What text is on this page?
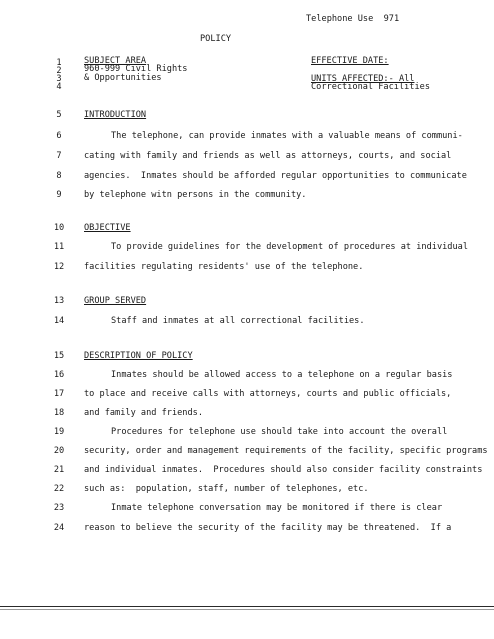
Telephone Use  971
POLICY
SUBJECT AREA
960-999 Civil Rights
& Opportunities
EFFECTIVE DATE:
UNITS AFFECTED:- All
Correctional Facilities
1
2
3
4
5
6
7
8
9
10
11
12
13
14
15
16
17
18
19
20
21
22
23
24
INTRODUCTION
The telephone, can provide inmates with a valuable means of communi-
cating with family and friends as well as attorneys, courts, and social
agencies.  Inmates should be afforded regular opportunities to communicate
by telephone witn persons in the community.
OBJECTIVE
To provide guidelines for the development of procedures at individual
facilities regulating residents' use of the telephone.
GROUP SERVED
Staff and inmates at all correctional facilities.
DESCRIPTION OF POLICY
Inmates should be allowed access to a telephone on a regular basis
to place and receive calls with attorneys, courts and public officials,
and family and friends.
Procedures for telephone use should take into account the overall
security, order and management requirements of the facility, specific programs
and individual inmates.  Procedures should also consider facility constraints
such as:  population, staff, number of telephones, etc.
Inmate telephone conversation may be monitored if there is clear
reason to believe the security of the facility may be threatened.  If a
